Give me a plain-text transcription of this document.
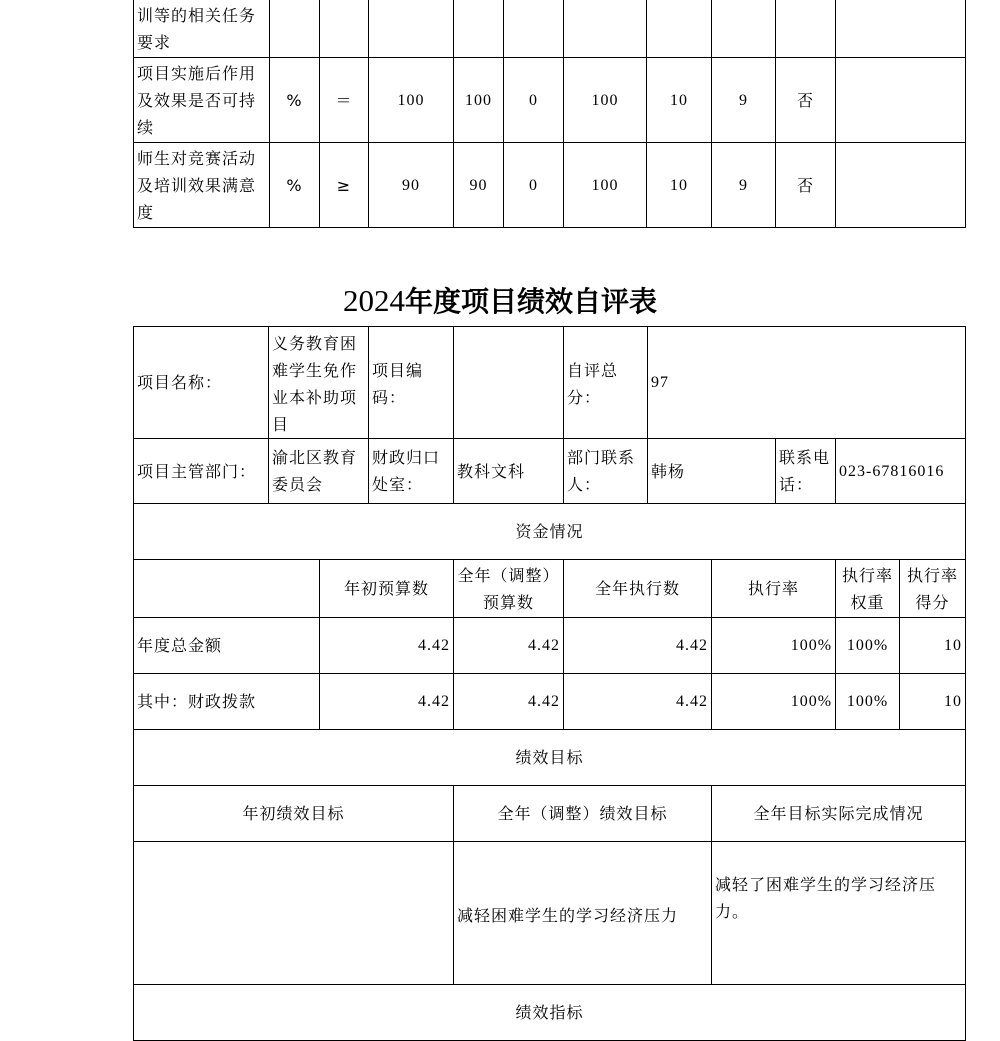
训等的相关任务要求										
项目实施后作用及效果是否可持续	%	＝	100	100	0	100	10	9	否	
师生对竞赛活动及培训效果满意度	%	≥	90	90	0	100	10	9	否	
2024年度项目绩效自评表
项目名称：	义务教育困难学生免作业本补助项目		项目编码：		自评总分：	97				
项目主管部门：	渝北区教育委员会		财政归口处室：	教科文科	部门联系人：	韩杨		联系电话：	023-67816016	
资金情况										
		年初预算数		全年（调整）预算数	全年执行数		执行率		执行率权重	执行率得分
年度总金额		4.42		4.42	4.42		100%		100%	10
其中：财政拨款		4.42		4.42	4.42		100%		100%	10
绩效目标										
年初绩效目标				全年（调整）绩效目标			全年目标实际完成情况			
				减轻困难学生的学习经济压力			减轻了困难学生的学习经济压力。			
绩效指标										
